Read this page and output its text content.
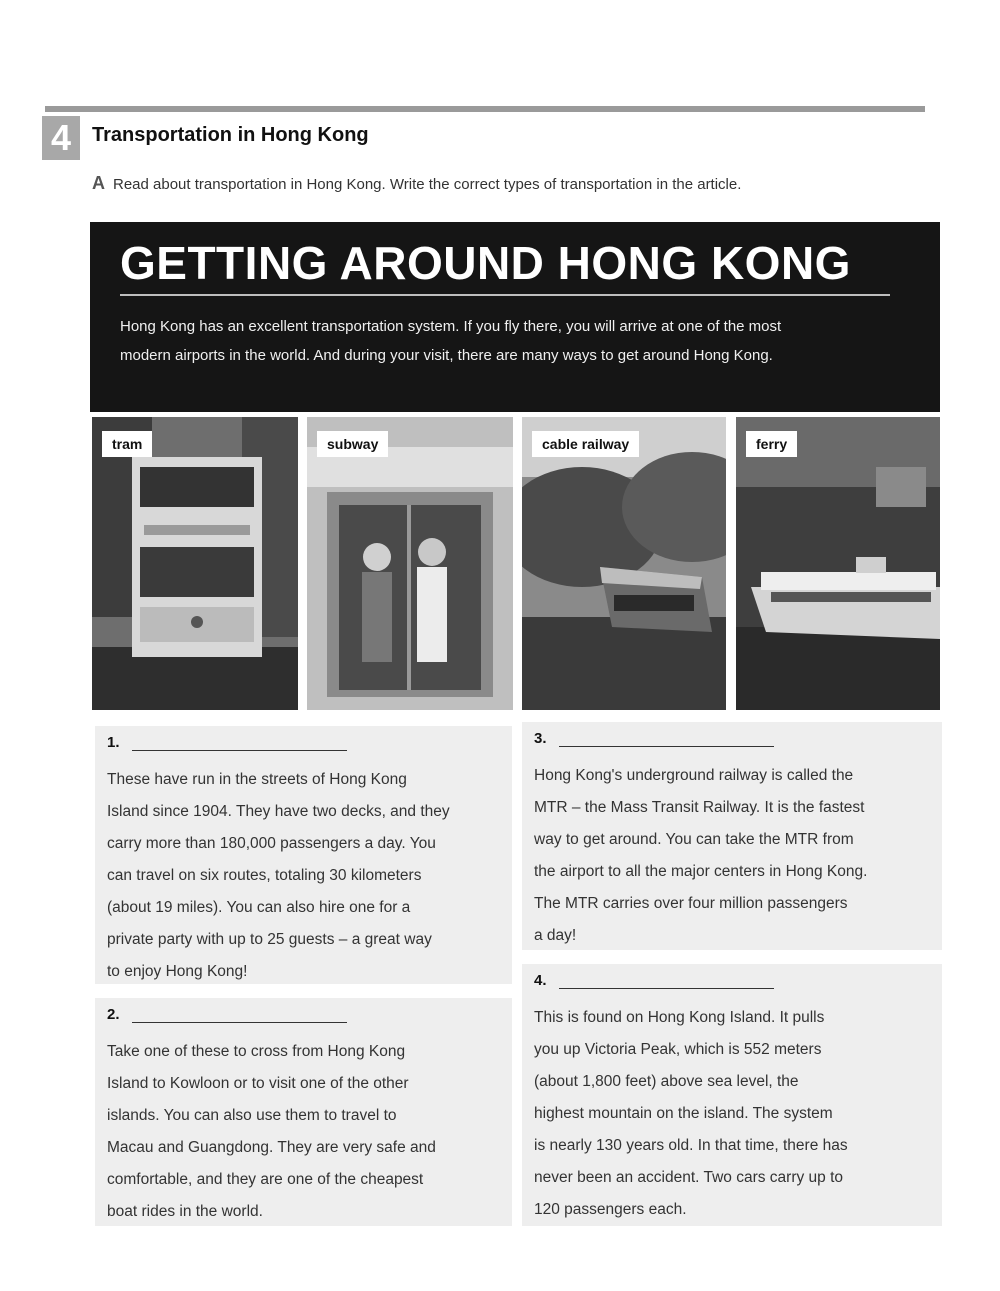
4	Transportation in Hong Kong
A Read about transportation in Hong Kong. Write the correct types of transportation in the article.
GETTING AROUND HONG KONG
Hong Kong has an excellent transportation system. If you fly there, you will arrive at one of the most modern airports in the world. And during your visit, there are many ways to get around Hong Kong.
tram	subway	cable railway	ferry
1.
These have run in the streets of Hong Kong
Island since 1904. They have two decks, and they
carry more than 180,000 passengers a day. You
can travel on six routes, totaling 30 kilometers
(about 19 miles). You can also hire one for a
private party with up to 25 guests – a great way
to enjoy Hong Kong!
2.
Take one of these to cross from Hong Kong
Island to Kowloon or to visit one of the other
islands. You can also use them to travel to
Macau and Guangdong. They are very safe and
comfortable, and they are one of the cheapest
boat rides in the world.
3.
Hong Kong's underground railway is called the
MTR – the Mass Transit Railway. It is the fastest
way to get around. You can take the MTR from
the airport to all the major centers in Hong Kong.
The MTR carries over four million passengers
a day!
4.
This is found on Hong Kong Island. It pulls
you up Victoria Peak, which is 552 meters
(about 1,800 feet) above sea level, the
highest mountain on the island. The system
is nearly 130 years old. In that time, there has
never been an accident. Two cars carry up to
120 passengers each.
